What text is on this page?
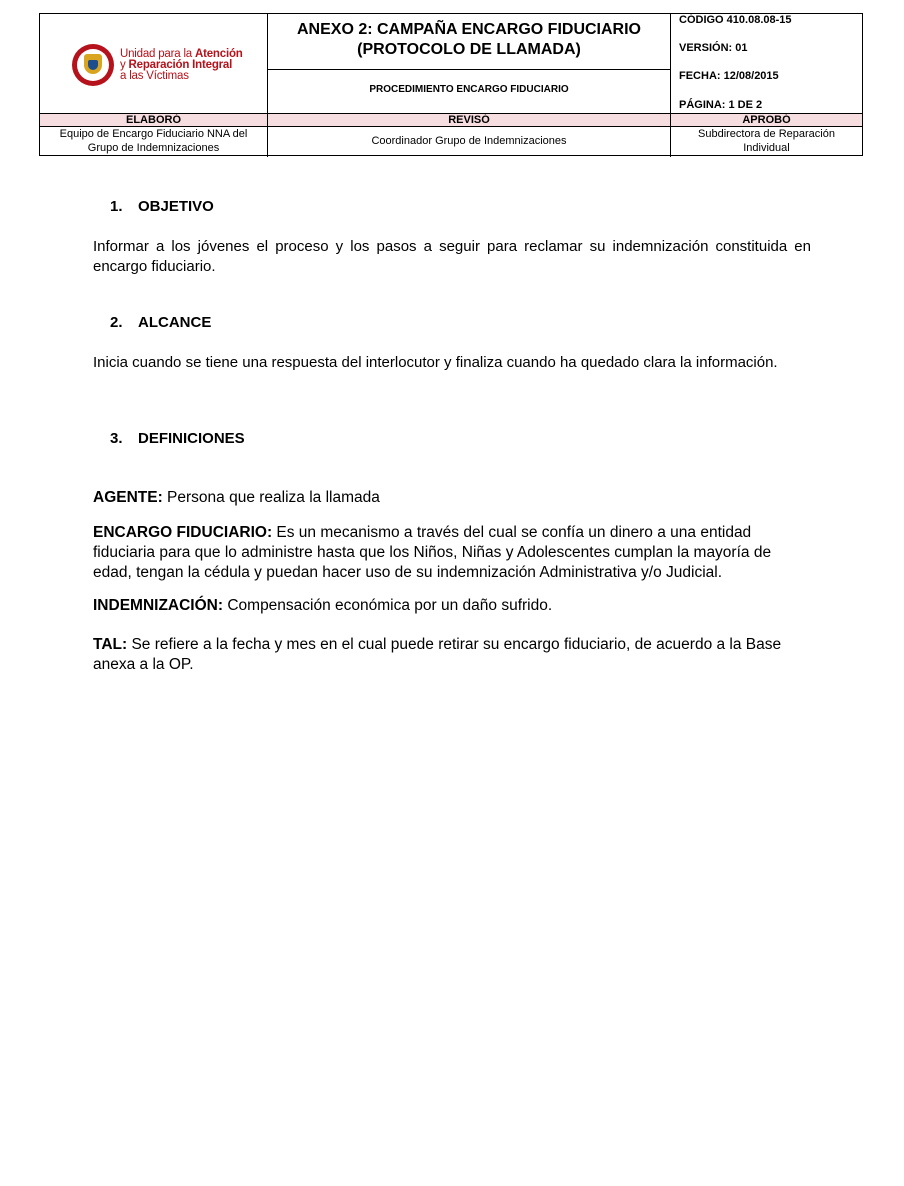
Unidad para la Atención
y Reparación Integral
a las Víctimas
ANEXO 2: CAMPAÑA ENCARGO FIDUCIARIO
(PROTOCOLO DE LLAMADA)
PROCEDIMIENTO ENCARGO FIDUCIARIO
CÓDIGO 410.08.08-15
VERSIÓN: 01
FECHA: 12/08/2015
PÁGINA: 1 DE 2
ELABORÓ	REVISÓ	APROBÓ
Equipo de Encargo Fiduciario NNA del
Grupo de Indemnizaciones
Coordinador Grupo de Indemnizaciones
Subdirectora de Reparación
Individual
1. OBJETIVO
Informar a los jóvenes el proceso y los pasos a seguir para reclamar su indemnización constituida en encargo fiduciario.
2. ALCANCE
Inicia cuando se tiene una respuesta del interlocutor y finaliza cuando ha quedado clara la información.
3. DEFINICIONES
AGENTE: Persona que realiza la llamada
ENCARGO FIDUCIARIO: Es un mecanismo a través del cual se confía un dinero a una entidad fiduciaria para que lo administre hasta que los Niños, Niñas y Adolescentes cumplan la mayoría de edad, tengan la cédula y puedan hacer uso de su indemnización Administrativa y/o Judicial.
INDEMNIZACIÓN: Compensación económica por un daño sufrido.
TAL: Se refiere a la fecha y mes en el cual puede retirar su encargo fiduciario, de acuerdo a la Base anexa a la OP.
